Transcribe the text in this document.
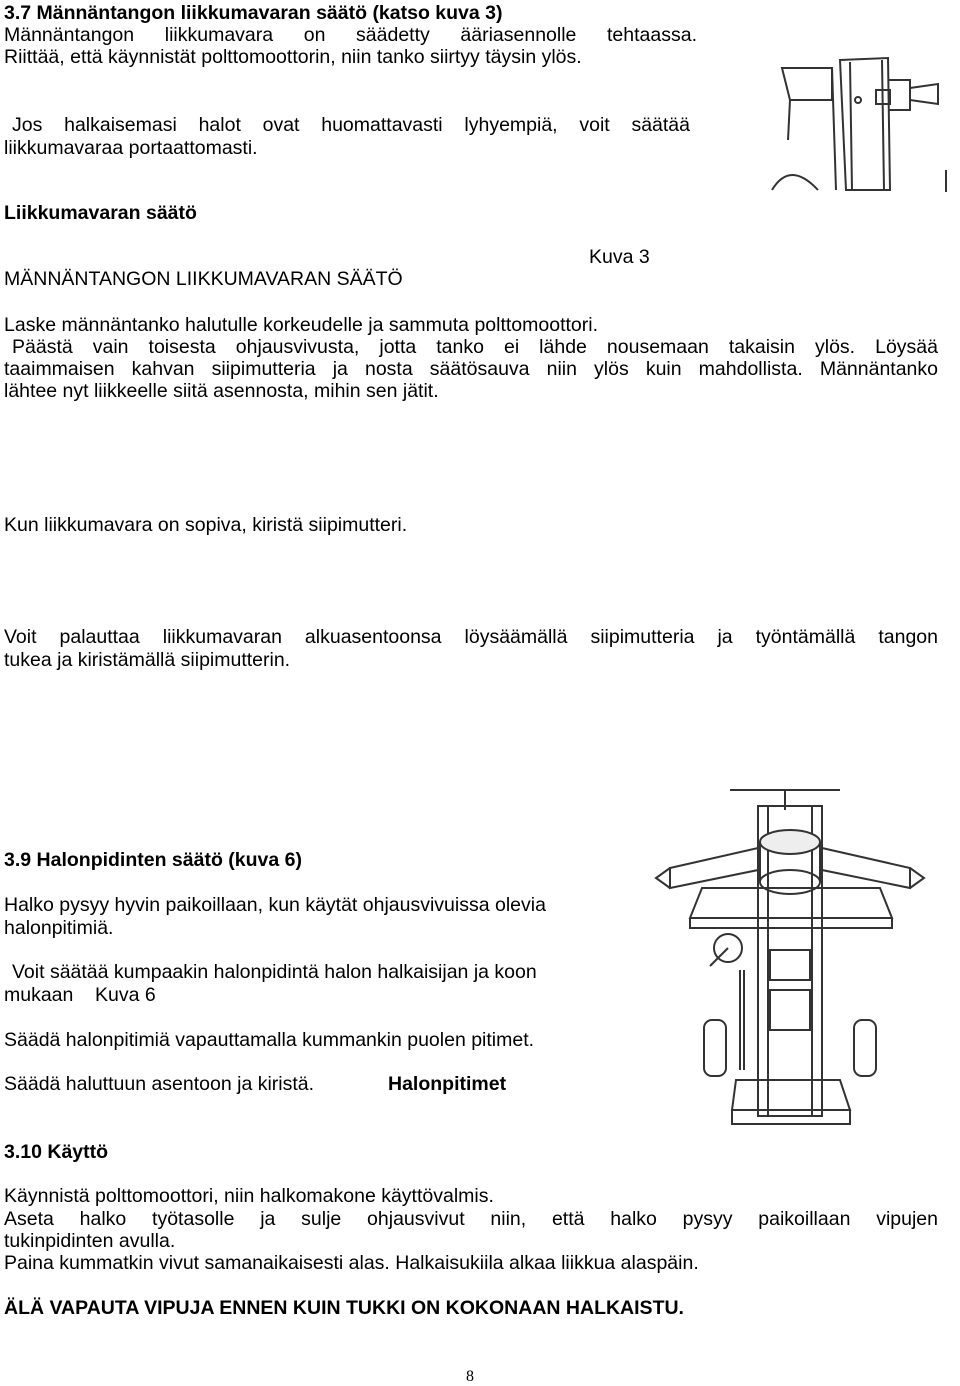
3.7 Männäntangon liikkumavaran säätö (katso kuva 3)
Männäntangon liikkumavara on säädetty ääriasennolle tehtaassa.
Riittää, että käynnistät polttomoottorin, niin tanko siirtyy täysin ylös.
Jos halkaisemasi halot ovat huomattavasti lyhyempiä, voit säätää
liikkumavaraa portaattomasti.
Liikkumavaran säätö
Kuva 3
MÄNNÄNTANGON LIIKKUMAVARAN SÄÄTÖ
Laske männäntanko halutulle korkeudelle ja sammuta polttomoottori.
Päästä vain toisesta ohjausvivusta, jotta tanko ei lähde nousemaan takaisin ylös. Löysää
taaimmaisen kahvan siipimutteria ja nosta säätösauva niin ylös kuin mahdollista. Männäntanko
lähtee nyt liikkeelle siitä asennosta, mihin sen jätit.
Kun liikkumavara on sopiva, kiristä siipimutteri.
Voit palauttaa liikkumavaran alkuasentoonsa löysäämällä siipimutteria ja työntämällä tangon
tukea ja kiristämällä siipimutterin.
3.9 Halonpidinten säätö (kuva 6)
Halko pysyy hyvin paikoillaan, kun käytät ohjausvivuissa olevia
halonpitimiä.
Voit säätää kumpaakin halonpidintä halon halkaisijan ja koon
mukaan    Kuva 6
Säädä halonpitimiä vapauttamalla kummankin puolen pitimet.
Säädä haluttuun asentoon ja kiristä.	Halonpitimet
3.10 Käyttö
Käynnistä polttomoottori, niin halkomakone käyttövalmis.
Aseta halko työtasolle ja sulje ohjausvivut niin, että halko pysyy paikoillaan vipujen
tukinpidinten avulla.
Paina kummatkin vivut samanaikaisesti alas. Halkaisukiila alkaa liikkua alaspäin.
ÄLÄ VAPAUTA VIPUJA ENNEN KUIN TUKKI ON KOKONAAN HALKAISTU.
8
